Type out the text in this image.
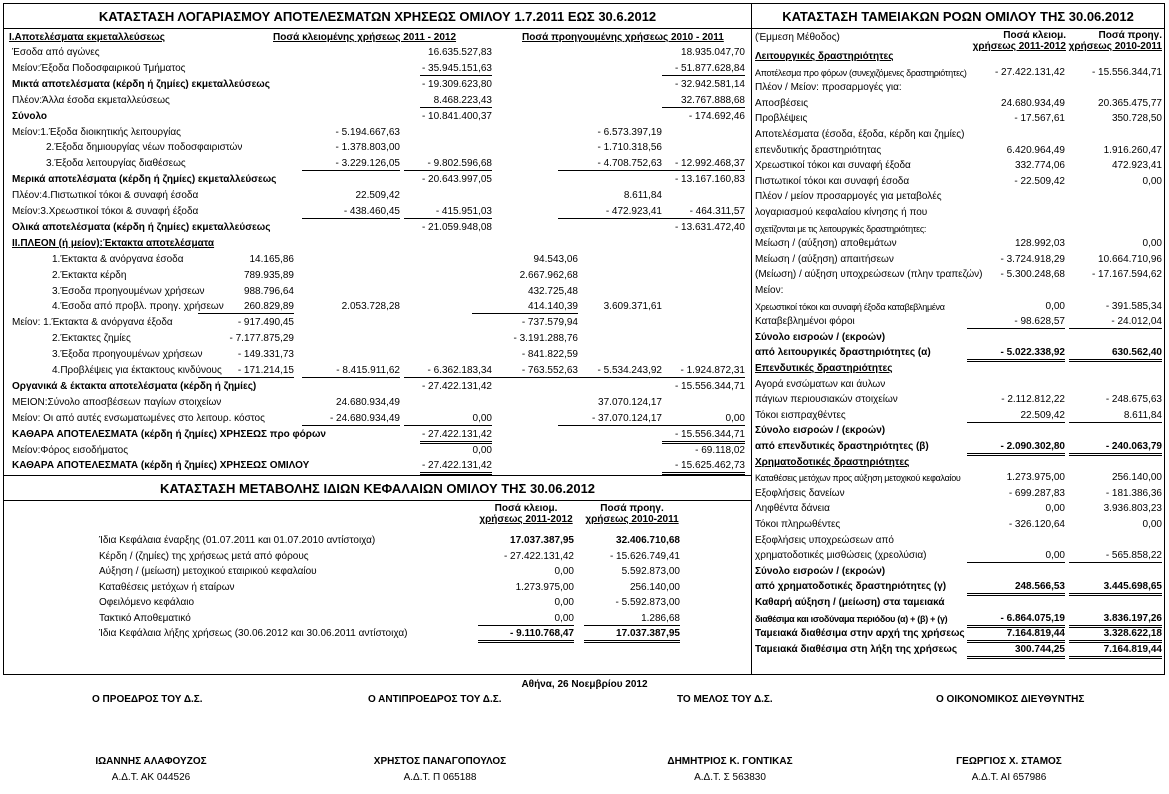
ΚΑΤΑΣΤΑΣΗ ΛΟΓΑΡΙΑΣΜΟΥ ΑΠΟΤΕΛΕΣΜΑΤΩΝ ΧΡΗΣΕΩΣ ΟΜΙΛΟΥ 1.7.2011 ΕΩΣ 30.6.2012
ΚΑΤΑΣΤΑΣΗ ΜΕΤΑΒΟΛΗΣ ΙΔΙΩΝ ΚΕΦΑΛΑΙΩΝ ΟΜΙΛΟΥ ΤΗΣ 30.06.2012
ΚΑΤΑΣΤΑΣΗ ΤΑΜΕΙΑΚΩΝ ΡΟΩΝ ΟΜΙΛΟΥ ΤΗΣ 30.06.2012
I.Αποτελέσματα εκμεταλλεύσεως	Ποσά κλειομένης χρήσεως 2011 - 2012	Ποσά προηγουμένης χρήσεως 2010 - 2011
Έσοδα από αγώνες	16.635.527,83	18.935.047,70
Μείον:Έξοδα Ποδοσφαιρικού Τμήματος	- 35.945.151,63	- 51.877.628,84
Μικτά αποτελέσματα (κέρδη ή ζημίες) εκμεταλλεύσεως	- 19.309.623,80	- 32.942.581,14
Πλέον:Άλλα έσοδα εκμεταλλεύσεως	8.468.223,43	32.767.888,68
Σύνολο	- 10.841.400,37	- 174.692,46
Μείον:1.Έξοδα διοικητικής λειτουργίας	- 5.194.667,63	- 6.573.397,19
2.Έξοδα δημιουργίας νέων ποδοσφαιριστών	- 1.378.803,00	- 1.710.318,56
3.Έξοδα λειτουργίας διαθέσεως	- 3.229.126,05	- 9.802.596,68	- 4.708.752,63	- 12.992.468,37
Μερικά αποτελέσματα (κέρδη ή ζημίες) εκμεταλλεύσεως	- 20.643.997,05	- 13.167.160,83
Πλέον:4.Πιστωτικοί τόκοι & συναφή έσοδα	22.509,42	8.611,84
Μείον:3.Χρεωστικοί τόκοι & συναφή έξοδα	- 438.460,45	- 415.951,03	- 472.923,41	- 464.311,57
Ολικά αποτελέσματα (κέρδη ή ζημίες) εκμεταλλεύσεως	- 21.059.948,08	- 13.631.472,40
II.ΠΛΕΟΝ (ή μείον):Έκτακτα αποτελέσματα
1.Έκτακτα & ανόργανα έσοδα	14.165,86	94.543,06
2.Έκτακτα κέρδη	789.935,89	2.667.962,68
3.Έσοδα προηγουμένων χρήσεων	988.796,64	432.725,48
4.Έσοδα από προβλ. προηγ. χρήσεων	260.829,89	2.053.728,28	414.140,39	3.609.371,61
Μείον: 1.Έκτακτα & ανόργανα έξοδα	- 917.490,45	- 737.579,94
2.Έκτακτες ζημίες	- 7.177.875,29	- 3.191.288,76
3.Έξοδα προηγουμένων χρήσεων	- 149.331,73	- 841.822,59
4.Προβλέψεις για έκτακτους κινδύνους	- 171.214,15	- 8.415.911,62	- 6.362.183,34	- 763.552,63	- 5.534.243,92	- 1.924.872,31
Οργανικά & έκτακτα αποτελέσματα (κέρδη ή ζημίες)	- 27.422.131,42	- 15.556.344,71
ΜΕΙΟΝ:Σύνολο αποσβέσεων παγίων στοιχείων	24.680.934,49	37.070.124,17
Μείον: Οι από αυτές ενσωματωμένες στο λειτουρ. κόστος	- 24.680.934,49	0,00	- 37.070.124,17	0,00
ΚΑΘΑΡΑ ΑΠΟΤΕΛΕΣΜΑΤΑ (κέρδη ή ζημίες) ΧΡΗΣΕΩΣ προ φόρων	- 27.422.131,42	- 15.556.344,71
Μείον:Φόρος εισοδήματος	0,00	- 69.118,02
ΚΑΘΑΡΑ ΑΠΟΤΕΛΕΣΜΑΤΑ (κέρδη ή ζημίες) ΧΡΗΣΕΩΣ ΟΜΙΛΟΥ	- 27.422.131,42	- 15.625.462,73
Ποσά κλειομ.
χρήσεως 2011-2012
Ποσά προηγ.
χρήσεως 2010-2011
Ίδια Κεφάλαια έναρξης (01.07.2011 και 01.07.2010 αντίστοιχα)	17.037.387,95	32.406.710,68
Κέρδη / (ζημίες) της χρήσεως μετά από φόρους	- 27.422.131,42	- 15.626.749,41
Αύξηση / (μείωση) μετοχικού εταιρικού κεφαλαίου	0,00	5.592.873,00
Καταθέσεις μετόχων ή εταίρων	1.273.975,00	256.140,00
Οφειλόμενο κεφάλαιο	0,00	- 5.592.873,00
Τακτικό Αποθεματικό	0,00	1.286,68
Ίδια Κεφάλαια λήξης χρήσεως (30.06.2012 και 30.06.2011 αντίστοιχα)	- 9.110.768,47	17.037.387,95
(Έμμεση Μέθοδος)	Ποσά κλειομ.
χρήσεως 2011-2012
Ποσά προηγ.
χρήσεως 2010-2011
Λειτουργικές δραστηριότητες
Αποτέλεσμα προ φόρων (συνεχιζόμενες δραστηριότητες)	- 27.422.131,42	- 15.556.344,71
Πλέον / Μείον: προσαρμογές για:
Αποσβέσεις	24.680.934,49	20.365.475,77
Προβλέψεις	- 17.567,61	350.728,50
Αποτελέσματα (έσοδα, έξοδα, κέρδη και ζημίες)
επενδυτικής δραστηριότητας	6.420.964,49	1.916.260,47
Χρεωστικοί τόκοι και συναφή έξοδα	332.774,06	472.923,41
Πιστωτικοί τόκοι και συναφή έσοδα	- 22.509,42	0,00
Πλέον / μείον προσαρμογές για μεταβολές
λογαριασμού κεφαλαίου κίνησης ή που
σχετίζονται με τις λειτουργικές δραστηριότητες:
Μείωση / (αύξηση) αποθεμάτων	128.992,03	0,00
Μείωση / (αύξηση) απαιτήσεων	- 3.724.918,29	10.664.710,96
(Μείωση) / αύξηση υποχρεώσεων (πλην τραπεζών)	- 5.300.248,68	- 17.167.594,62
Μείον:
Χρεωστικοί τόκοι και συναφή έξοδα καταβεβλημένα	0,00	- 391.585,34
Καταβεβλημένοι φόροι	- 98.628,57	- 24.012,04
Σύνολο εισροών / (εκροών)
από λειτουργικές δραστηριότητες (α)	- 5.022.338,92	630.562,40
Επενδυτικές δραστηριότητες
Αγορά ενσώματων και άυλων
πάγιων περιουσιακών στοιχείων	- 2.112.812,22	- 248.675,63
Τόκοι εισπραχθέντες	22.509,42	8.611,84
Σύνολο εισροών / (εκροών)
από επενδυτικές δραστηριότητες (β)	- 2.090.302,80	- 240.063,79
Χρηματοδοτικές δραστηριότητες
Καταθέσεις μετόχων προς αύξηση μετοχικού κεφαλαίου	1.273.975,00	256.140,00
Εξοφλήσεις δανείων	- 699.287,83	- 181.386,36
Ληφθέντα δάνεια	0,00	3.936.803,23
Τόκοι πληρωθέντες	- 326.120,64	0,00
Εξοφλήσεις υποχρεώσεων από
χρηματοδοτικές μισθώσεις (χρεολύσια)	0,00	- 565.858,22
Σύνολο εισροών / (εκροών)
από χρηματοδοτικές δραστηριότητες (γ)	248.566,53	3.445.698,65
Καθαρή αύξηση / (μείωση) στα ταμειακά
διαθέσιμα και ισοδύναμα περιόδου (α) + (β) + (γ)	- 6.864.075,19	3.836.197,26
Ταμειακά διαθέσιμα στην αρχή της χρήσεως	7.164.819,44	3.328.622,18
Ταμειακά διαθέσιμα στη λήξη της χρήσεως	300.744,25	7.164.819,44
Αθήνα, 26 Νοεμβρίου 2012
Ο ΠΡΟΕΔΡΟΣ ΤΟΥ Δ.Σ.	Ο ΑΝΤΙΠΡΟΕΔΡΟΣ ΤΟΥ Δ.Σ.	ΤΟ ΜΕΛΟΣ ΤΟΥ Δ.Σ.	Ο ΟΙΚΟΝΟΜΙΚΟΣ ΔΙΕΥΘΥΝΤΗΣ
ΙΩΑΝΝΗΣ ΑΛΑΦΟΥΖΟΣ	ΧΡΗΣΤΟΣ ΠΑΝΑΓΟΠΟΥΛΟΣ	ΔΗΜΗΤΡΙΟΣ Κ. ΓΟΝΤΙΚΑΣ	ΓΕΩΡΓΙΟΣ Χ. ΣΤΑΜΟΣ
Α.Δ.Τ. ΑΚ 044526	Α.Δ.Τ. Π 065188	Α.Δ.Τ. Σ 563830	Α.Δ.Τ. ΑΙ 657986
